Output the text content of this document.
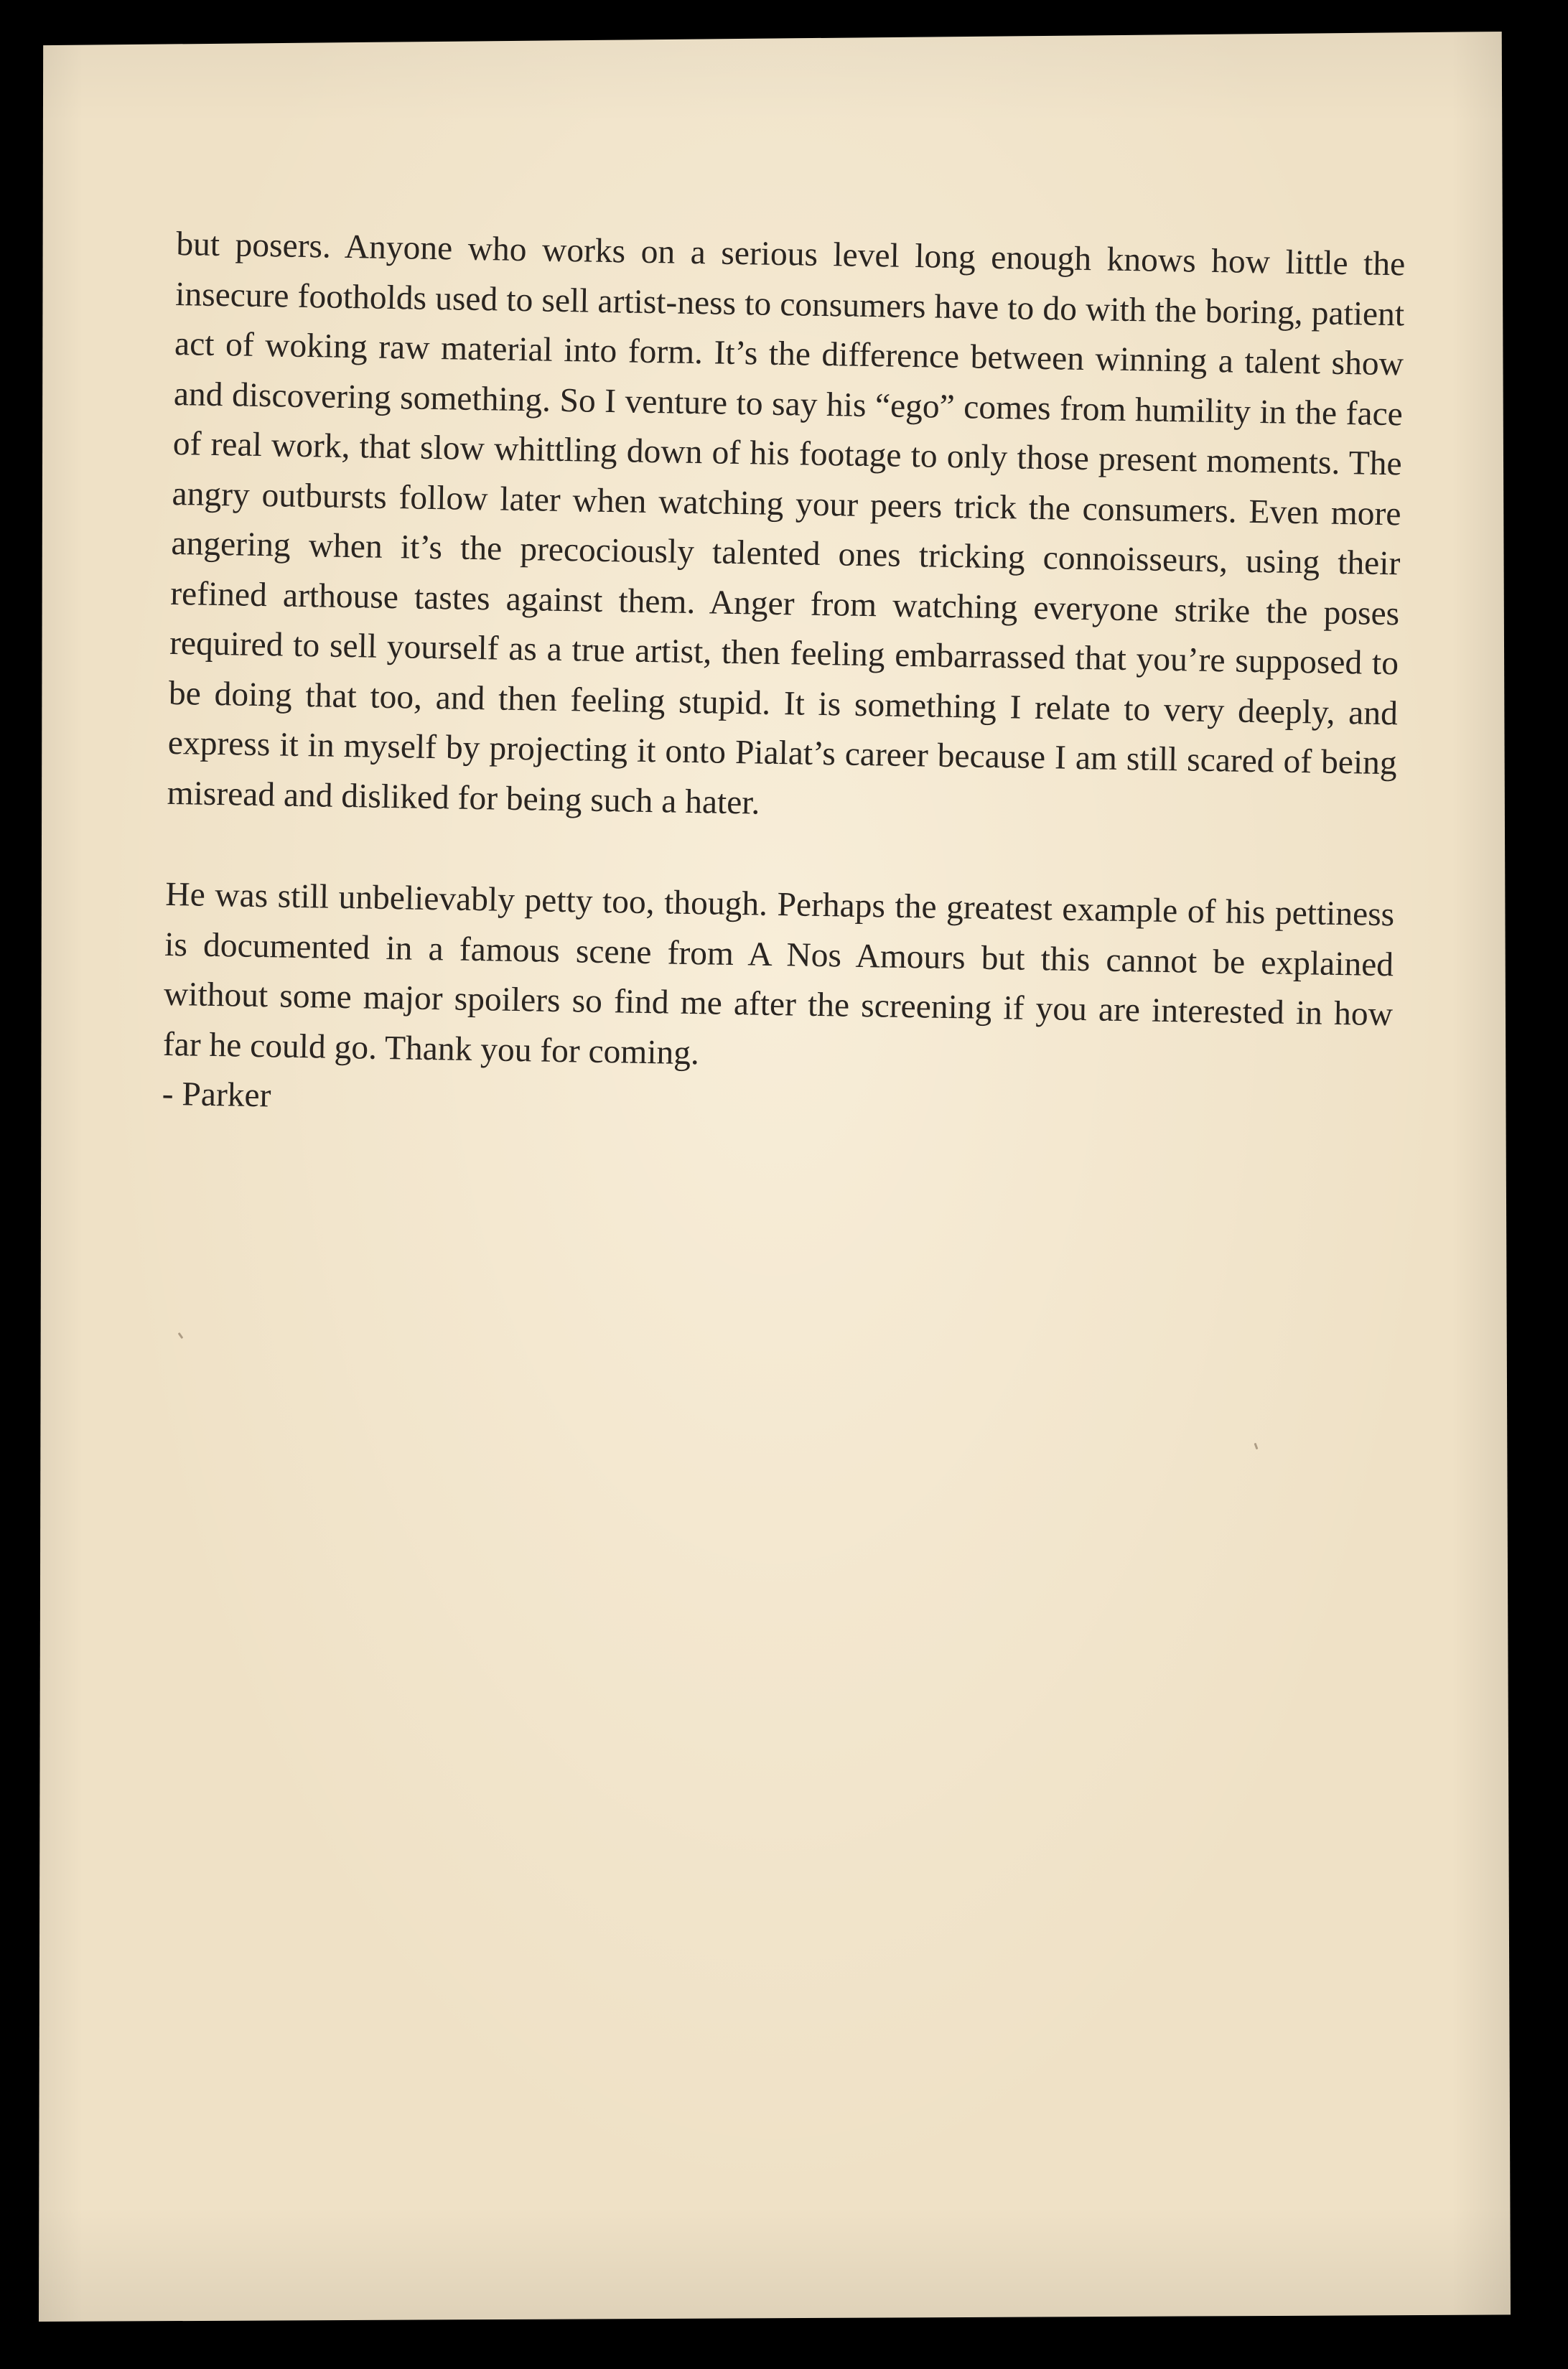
but posers. Anyone who works on a serious level long enough knows how little the insecure footholds used to sell artist-ness to consumers have to do with the boring, patient act of woking raw material into form. It’s the difference between winning a talent show and discovering something. So I venture to say his “ego” comes from humility in the face of real work, that slow whittling down of his footage to only those present moments. The angry outbursts follow later when watching your peers trick the consumers. Even more angering when it’s the precociously talented ones tricking connoisseurs, using their refined arthouse tastes against them. Anger from watching everyone strike the poses required to sell yourself as a true artist, then feeling embarrassed that you’re supposed to be doing that too, and then feeling stupid. It is something I relate to very deeply, and express it in myself by projecting it onto Pialat’s career because I am still scared of being misread and disliked for being such a hater.

He was still unbelievably petty too, though. Perhaps the greatest example of his pettiness is documented in a famous scene from A Nos Amours but this cannot be explained without some major spoilers so find me after the screening if you are interested in how far he could go. Thank you for coming.

- Parker
